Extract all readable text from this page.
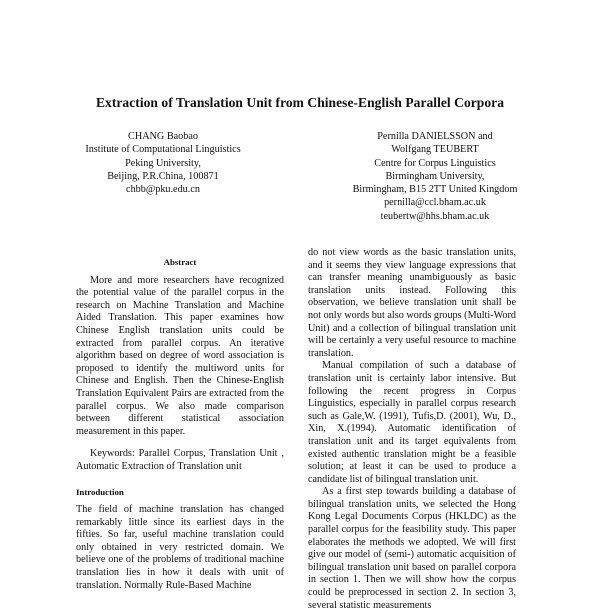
Extraction of Translation Unit from Chinese-English Parallel Corpora
CHANG Baobao
Institute of Computational Linguistics
Peking University,
Beijing, P.R.China, 100871
chbb@pku.edu.cn
Pernilla DANIELSSON and
Wolfgang TEUBERT
Centre for Corpus Linguistics
Birmingham University,
Birmingham, B15 2TT United Kingdom
pernilla@ccl.bham.ac.uk
teubertw@hhs.bham.ac.uk
Abstract

More and more researchers have recognized the potential value of the parallel corpus in the research on Machine Translation and Machine Aided Translation. This paper examines how Chinese English translation units could be extracted from parallel corpus. An iterative algorithm based on degree of word association is proposed to identify the multiword units for Chinese and English. Then the Chinese-English Translation Equivalent Pairs are extracted from the parallel corpus. We also made comparison between different statistical association measurement in this paper.

Keywords: Parallel Corpus, Translation Unit , Automatic Extraction of Translation unit

Introduction

The field of machine translation has changed remarkably little since its earliest days in the fifties. So far, useful machine translation could only obtained in very restricted domain. We believe one of the problems of traditional machine translation lies in how it deals with unit of translation. Normally Rule-Based Machine

do not view words as the basic translation units, and it seems they view language expressions that can transfer meaning unambiguously as basic translation units instead. Following this observation, we believe translation unit shall be not only words but also words groups (Multi-Word Unit) and a collection of bilingual translation unit will be certainly a very useful resource to machine translation.

Manual compilation of such a database of translation unit is certainly labor intensive. But following the recent progress in Corpus Linguistics, especially in parallel corpus research such as Gale,W. (1991), Tufis,D. (2001), Wu, D., Xin, X.(1994). Automatic identification of translation unit and its target equivalents from existed authentic translation might be a feasible solution; at least it can be used to produce a candidate list of bilingual translation unit.

As a first step towards building a database of bilingual translation units, we selected the Hong Kong Legal Documents Corpus (HKLDC) as the parallel corpus for the feasibility study. This paper elaborates the methods we adopted. We will first give our model of (semi-) automatic acquisition of bilingual translation unit based on parallel corpora in section 1. Then we will show how the corpus could be preprocessed in section 2. In section 3, several statistic measurements
